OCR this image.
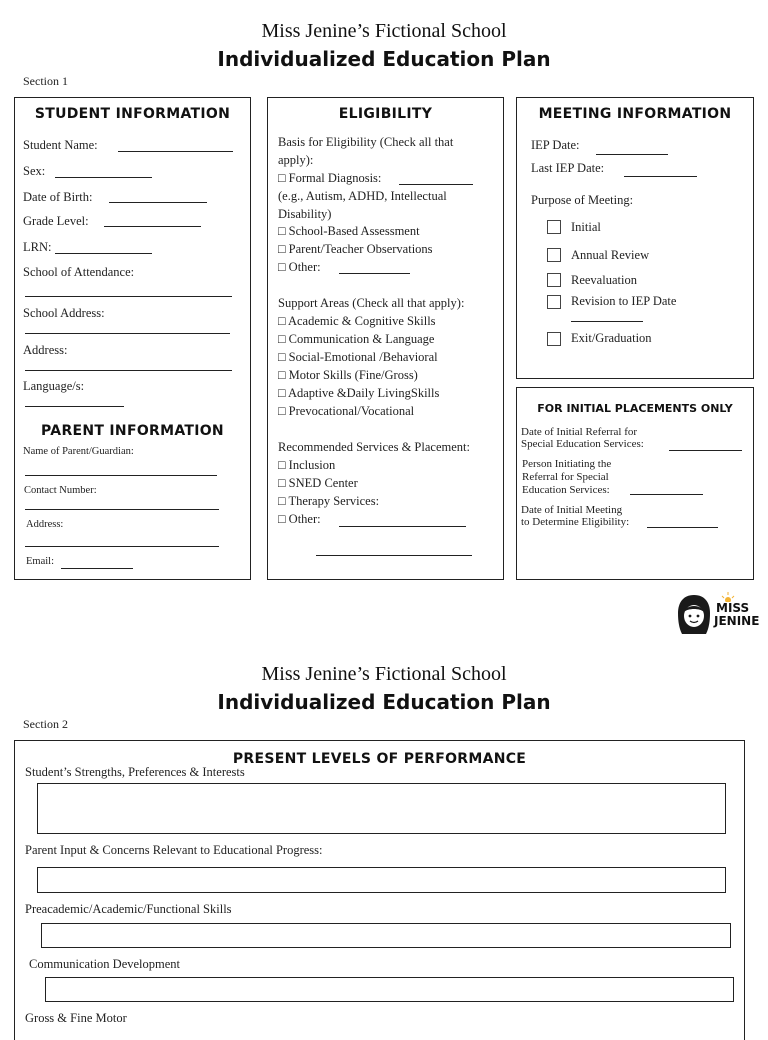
Miss Jenine’s Fictional School
Individualized Education Plan
Section 1
STUDENT INFORMATION
Student Name:
Sex:
Date of Birth:
Grade Level:
LRN:
School of Attendance:
School Address:
Address:
Language/s:
PARENT INFORMATION
Name of Parent/Guardian:
Contact Number:
Address:
Email:
ELIGIBILITY
Basis for Eligibility (Check all that
apply):
□ Formal Diagnosis:
(e.g., Autism, ADHD, Intellectual
Disability)
□ School-Based Assessment
□ Parent/Teacher Observations
□ Other:
Support Areas (Check all that apply):
□ Academic & Cognitive Skills
□ Communication & Language
□ Social-Emotional /Behavioral
□ Motor Skills (Fine/Gross)
□ Adaptive &Daily LivingSkills
□ Prevocational/Vocational
Recommended Services & Placement:
□ Inclusion
□ SNED Center
□ Therapy Services:
□ Other:
MEETING INFORMATION
IEP Date:
Last IEP Date:
Purpose of Meeting:
Initial
Annual Review
Reevaluation
Revision to IEP Date
Exit/Graduation
FOR INITIAL PLACEMENTS ONLY
Date of Initial Referral for
Special Education Services:
Person Initiating the
Referral for Special
Education Services:
Date of Initial Meeting
to Determine Eligibility:
MISS
JENINE
Miss Jenine’s Fictional School
Individualized Education Plan
Section 2
PRESENT LEVELS OF PERFORMANCE
Student’s Strengths, Preferences & Interests
Parent Input & Concerns Relevant to Educational Progress:
Preacademic/Academic/Functional Skills
Communication Development
Gross & Fine Motor
